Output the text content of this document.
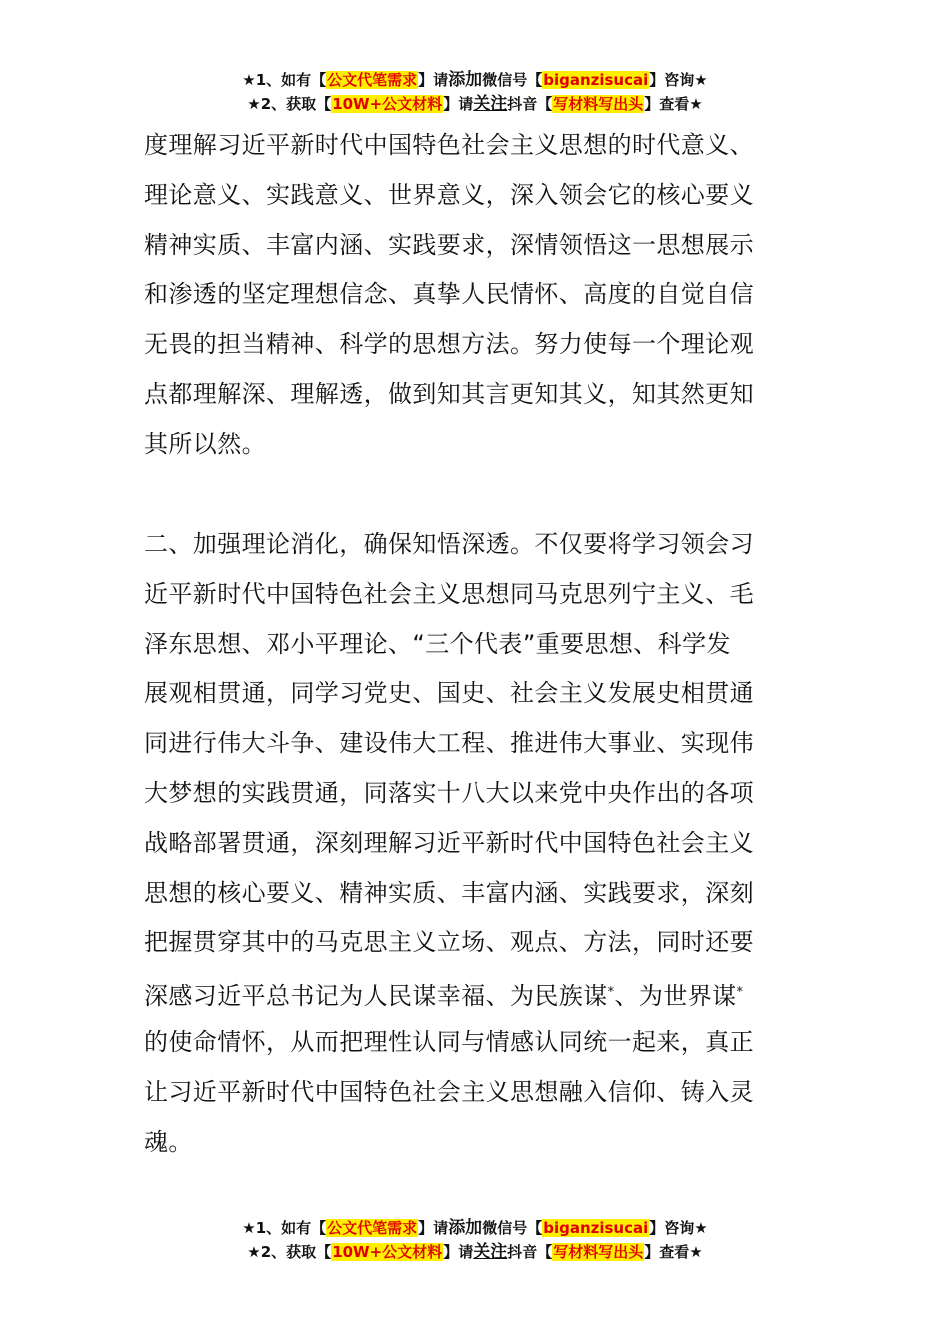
★1、如有【公文代笔需求】请添加微信号【biganzisucai】咨询★
★2、获取【10W+公文材料】请关注抖音【写材料写出头】查看★
度理解习近平新时代中国特色社会主义思想的时代意义、
理论意义、实践意义、世界意义，深入领会它的核心要义
精神实质、丰富内涵、实践要求，深情领悟这一思想展示
和渗透的坚定理想信念、真挚人民情怀、高度的自觉自信
无畏的担当精神、科学的思想方法。努力使每一个理论观
点都理解深、理解透，做到知其言更知其义，知其然更知
其所以然。
二、加强理论消化，确保知悟深透。不仅要将学习领会习
近平新时代中国特色社会主义思想同马克思列宁主义、毛
泽东思想、邓小平理论、“三个代表”重要思想、科学发
展观相贯通，同学习党史、国史、社会主义发展史相贯通
同进行伟大斗争、建设伟大工程、推进伟大事业、实现伟
大梦想的实践贯通，同落实十八大以来党中央作出的各项
战略部署贯通，深刻理解习近平新时代中国特色社会主义
思想的核心要义、精神实质、丰富内涵、实践要求，深刻
把握贯穿其中的马克思主义立场、观点、方法，同时还要
深感习近平总书记为人民谋幸福、为民族谋*、为世界谋*
的使命情怀，从而把理性认同与情感认同统一起来，真正
让习近平新时代中国特色社会主义思想融入信仰、铸入灵
魂。
★1、如有【公文代笔需求】请添加微信号【biganzisucai】咨询★
★2、获取【10W+公文材料】请关注抖音【写材料写出头】查看★
